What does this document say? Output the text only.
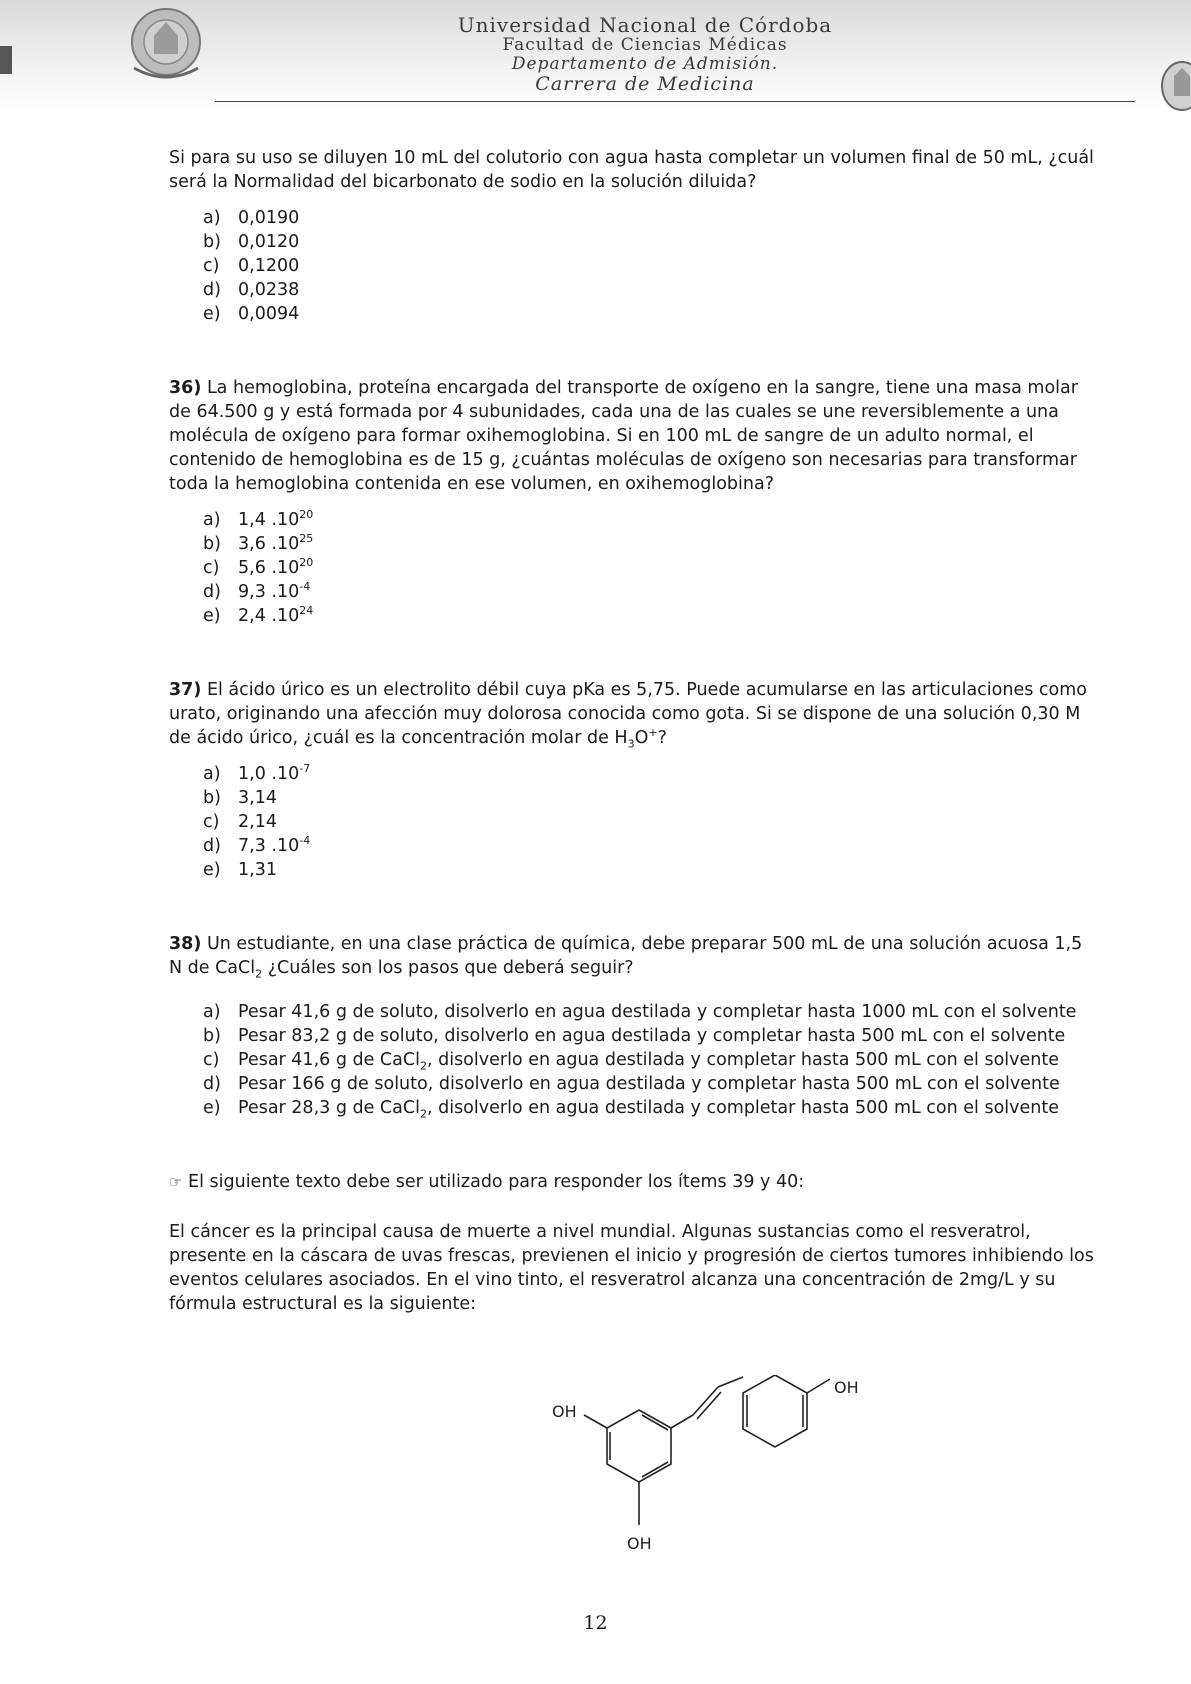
Universidad Nacional de Córdoba
Facultad de Ciencias Médicas
Departamento de Admisión.
Carrera de Medicina

Si para su uso se diluyen 10 mL del colutorio con agua hasta completar un volumen final de 50 mL, ¿cuál será la Normalidad del bicarbonato de sodio en la solución diluida?

a) 0,0190
b) 0,0120
c) 0,1200
d) 0,0238
e) 0,0094

36) La hemoglobina, proteína encargada del transporte de oxígeno en la sangre, tiene una masa molar de 64.500 g y está formada por 4 subunidades, cada una de las cuales se une reversiblemente a una molécula de oxígeno para formar oxihemoglobina. Si en 100 mL de sangre de un adulto normal, el contenido de hemoglobina es de 15 g, ¿cuántas moléculas de oxígeno son necesarias para transformar toda la hemoglobina contenida en ese volumen, en oxihemoglobina?

a) 1,4 $.10^{20}$
b) 3,6 $.10^{25}$
c) 5,6 $.10^{20}$
d) 9,3 $.10^{-4}$
e) 2,4 $.10^{24}$

37) El ácido úrico es un electrolito débil cuya pKa es 5,75. Puede acumularse en las articulaciones como urato, originando una afección muy dolorosa conocida como gota. Si se dispone de una solución 0,30 M de ácido úrico, ¿cuál es la concentración molar de $H_3O^+$?

a) 1,0 $.10^{-7}$
b) 3,14
c) 2,14
d) 7,3 $.10^{-4}$
e) 1,31

38) Un estudiante, en una clase práctica de química, debe preparar 500 mL de una solución acuosa 1,5 N de CaCl$_2$ ¿Cuáles son los pasos que deberá seguir?

a) Pesar 41,6 g de soluto, disolverlo en agua destilada y completar hasta 1000 mL con el solvente
b) Pesar 83,2 g de soluto, disolverlo en agua destilada y completar hasta 500 mL con el solvente
c) Pesar 41,6 g de CaCl$_2$, disolverlo en agua destilada y completar hasta 500 mL con el solvente
d) Pesar 166 g de soluto, disolverlo en agua destilada y completar hasta 500 mL con el solvente
e) Pesar 28,3 g de CaCl$_2$, disolverlo en agua destilada y completar hasta 500 mL con el solvente

☞ El siguiente texto debe ser utilizado para responder los ítems 39 y 40:

El cáncer es la principal causa de muerte a nivel mundial. Algunas sustancias como el resveratrol, presente en la cáscara de uvas frescas, previenen el inicio y progresión de ciertos tumores inhibiendo los eventos celulares asociados. En el vino tinto, el resveratrol alcanza una concentración de 2mg/L y su fórmula estructural es la siguiente:

OH
OH
OH
12
